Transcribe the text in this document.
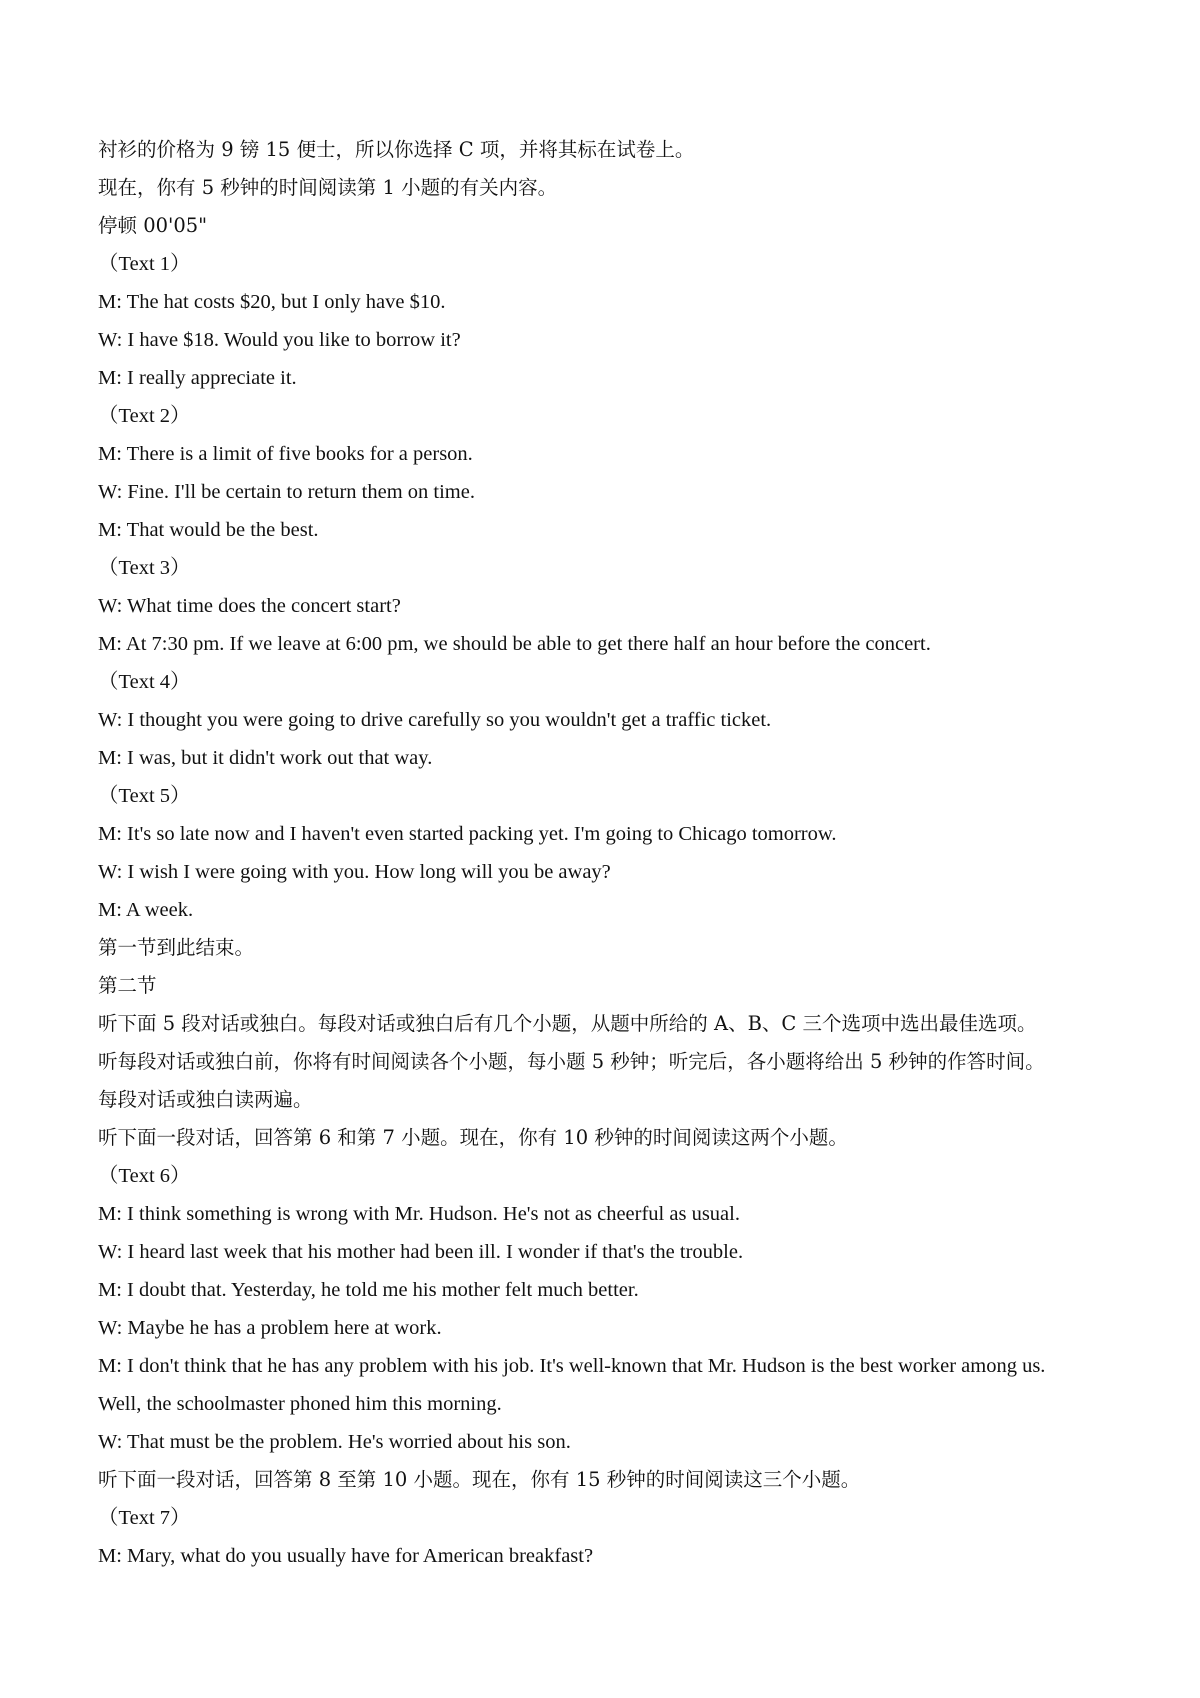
衬衫的价格为 9 镑 15 便士，所以你选择 C 项，并将其标在试卷上。
现在，你有 5 秒钟的时间阅读第 1 小题的有关内容。
停顿 00'05"
（Text 1）
M: The hat costs $20, but I only have $10.
W: I have $18. Would you like to borrow it?
M: I really appreciate it.
（Text 2）
M: There is a limit of five books for a person.
W: Fine. I'll be certain to return them on time.
M: That would be the best.
（Text 3）
W: What time does the concert start?
M: At 7:30 pm. If we leave at 6:00 pm, we should be able to get there half an hour before the concert.
（Text 4）
W: I thought you were going to drive carefully so you wouldn't get a traffic ticket.
M: I was, but it didn't work out that way.
（Text 5）
M: It's so late now and I haven't even started packing yet. I'm going to Chicago tomorrow.
W: I wish I were going with you. How long will you be away?
M: A week.
第一节到此结束。
第二节
听下面 5 段对话或独白。每段对话或独白后有几个小题，从题中所给的 A、B、C 三个选项中选出最佳选项。
听每段对话或独白前，你将有时间阅读各个小题，每小题 5 秒钟；听完后，各小题将给出 5 秒钟的作答时间。
每段对话或独白读两遍。
听下面一段对话，回答第 6 和第 7 小题。现在，你有 10 秒钟的时间阅读这两个小题。
（Text 6）
M: I think something is wrong with Mr. Hudson. He's not as cheerful as usual.
W: I heard last week that his mother had been ill. I wonder if that's the trouble.
M: I doubt that. Yesterday, he told me his mother felt much better.
W: Maybe he has a problem here at work.
M: I don't think that he has any problem with his job. It's well-known that Mr. Hudson is the best worker among us.
Well, the schoolmaster phoned him this morning.
W: That must be the problem. He's worried about his son.
听下面一段对话，回答第 8 至第 10 小题。现在，你有 15 秒钟的时间阅读这三个小题。
（Text 7）
M: Mary, what do you usually have for American breakfast?
